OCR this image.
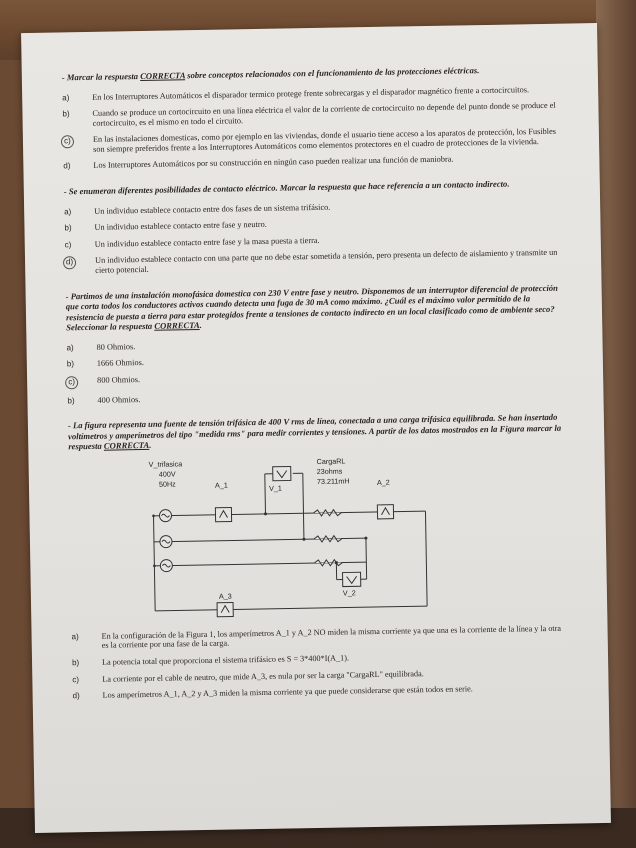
- Marcar la respuesta CORRECTA sobre conceptos relacionados con el funcionamiento de las protecciones eléctricas.
a)	En los Interruptores Automáticos el disparador termico protege frente sobrecargas y el disparador magnético frente a cortocircuitos.
b)	Cuando se produce un cortocircuito en una línea eléctrica el valor de la corriente de cortocircuito no depende del punto donde se produce el cortocircuito, es el mismo en todo el circuito.
c)	En las instalaciones domesticas, como por ejemplo en las viviendas, donde el usuario tiene acceso a los aparatos de protección, los Fusibles son siempre preferidos frente a los Interruptores Automáticos como elementos protectores en el cuadro de protecciones de la vivienda.
d)	Los Interruptores Automáticos por su construcción en ningún caso pueden realizar una función de maniobra.
- Se enumeran diferentes posibilidades de contacto eléctrico. Marcar la respuesta que hace referencia a un contacto indirecto.
a)	Un individuo establece contacto entre dos fases de un sistema trifásico.
b)	Un individuo establece contacto entre fase y neutro.
c)	Un individuo establece contacto entre fase y la masa puesta a tierra.
d)	Un individuo establece contacto con una parte que no debe estar sometida a tensión, pero presenta un defecto de aislamiento y transmite un cierto potencial.
- Partimos de una instalación monofásica domestica con 230 V entre fase y neutro. Disponemos de un interruptor diferencial de protección que corta todos los conductores activos cuando detecta una fuga de 30 mA como máximo. ¿Cuál es el máximo valor permitido de la resistencia de puesta a tierra para estar protegidos frente a tensiones de contacto indirecto en un local clasificado como de ambiente seco? Seleccionar la respuesta CORRECTA.
a)	80 Ohmios.
b)	1666 Ohmios.
c)	800 Ohmios.
b)	400 Ohmios.
- La figura representa una fuente de tensión trifásica de 400 V rms de línea, conectada a una carga trifásica equilibrada. Se han insertado voltímetros y amperímetros del tipo "medida rms" para medir corrientes y tensiones. A partir de los datos mostrados en la Figura marcar la respuesta CORRECTA.
V_trifasica
400V
50Hz	A_1	V_1
CargaRL
23ohms
73.211mH	A_2
V_2
A_3
a)	En la configuración de la Figura 1, los amperímetros A_1 y A_2 NO miden la misma corriente ya que una es la corriente de la línea y la otra es la corriente por una fase de la carga.
b)	La potencia total que proporciona el sistema trifásico es S = 3*400*I(A_1).
c)	La corriente por el cable de neutro, que mide A_3, es nula por ser la carga "CargaRL" equilibrada.
d)	Los amperímetros A_1, A_2 y A_3 miden la misma corriente ya que puede considerarse que están todos en serie.
